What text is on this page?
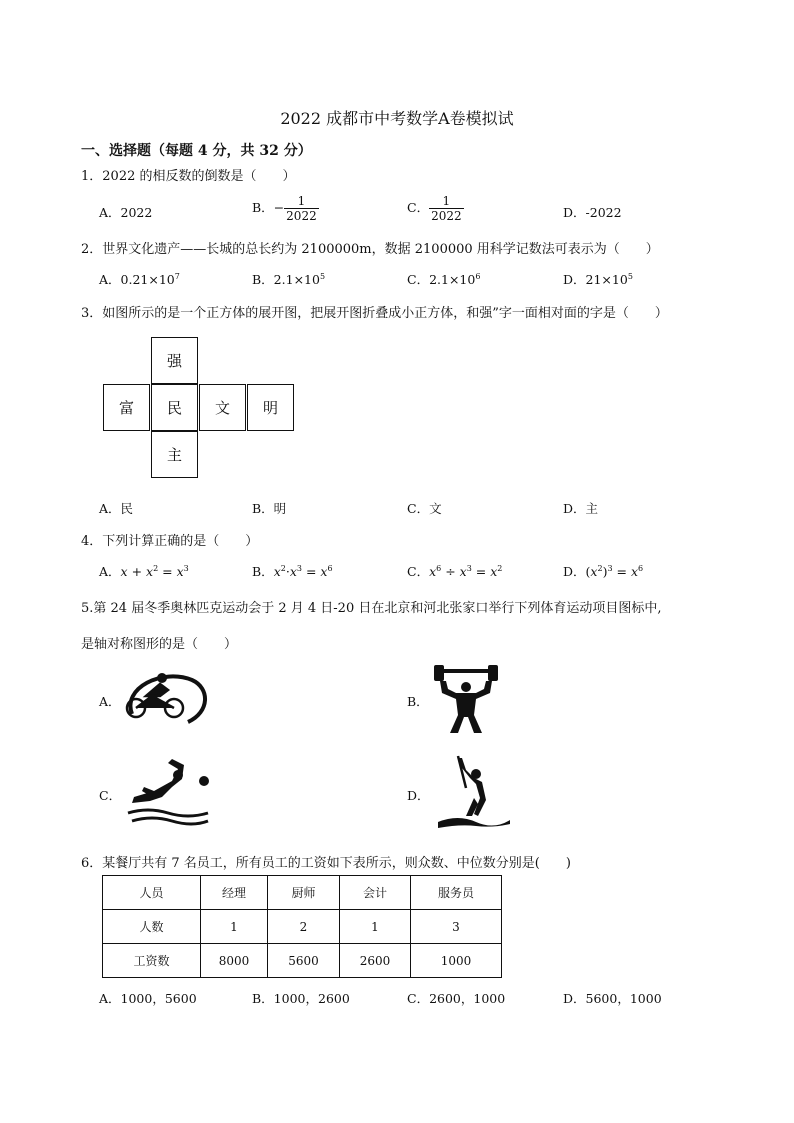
2022 成都市中考数学A卷模拟试
一、选择题（每题 4 分，共 32 分）
1．2022 的相反数的倒数是（　　）
A．2022	B．− $\frac{1}{2022}$	C． $\frac{1}{2022}$	D．-2022
2．世界文化遗产——长城的总长约为 2100000m，数据 2100000 用科学记数法可表示为（　　）
A．$0.21\times 10^7$	B．$2.1\times 10^5$	C．$2.1\times 10^6$	D．$21\times 10^5$
3．如图所示的是一个正方体的展开图，把展开图折叠成小正方体，和强”字一面相对面的字是（　　）
强
富	民	文	明
主
A．民	B．明	C．文	D．主
4．下列计算正确的是（　　）
A．$x + x^2 = x^3$	B．$x^2\cdot x^3 = x^6$	C．$x^6 \div x^3 = x^2$	D．$(x^2)^3 = x^6$
5.第 24 届冬季奥林匹克运动会于 2 月 4 日-20 日在北京和河北张家口举行下列体育运动项目图标中,
是轴对称图形的是（　　）
A．	B．
C．	D．
6．某餐厅共有 7 名员工，所有员工的工资如下表所示，则众数、中位数分别是(　　)
人员	经理	厨师	会计	服务员
人数	1	2	1	3
工资数	8000	5600	2600	1000
A．1000，5600	B．1000，2600	C．2600，1000	D．5600，1000
